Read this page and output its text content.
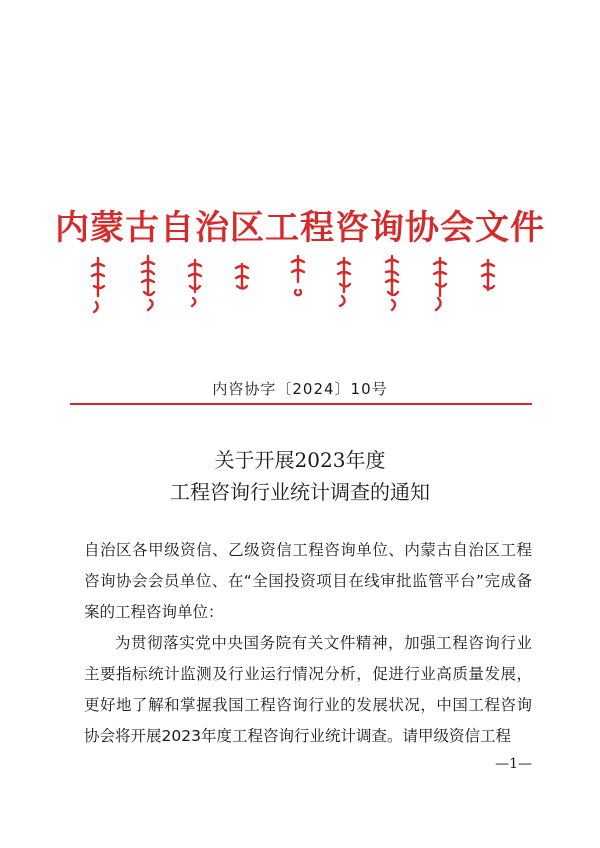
内蒙古自治区工程咨询协会文件
内咨协字〔2024〕10号
关于开展2023年度
工程咨询行业统计调查的通知

自治区各甲级资信、乙级资信工程咨询单位、内蒙古自治区工程咨询协会会员单位、在“全国投资项目在线审批监管平台”完成备案的工程咨询单位：

为贯彻落实党中央国务院有关文件精神，加强工程咨询行业主要指标统计监测及行业运行情况分析，促进行业高质量发展，更好地了解和掌握我国工程咨询行业的发展状况，中国工程咨询协会将开展2023年度工程咨询行业统计调查。请甲级资信工程

—1—
